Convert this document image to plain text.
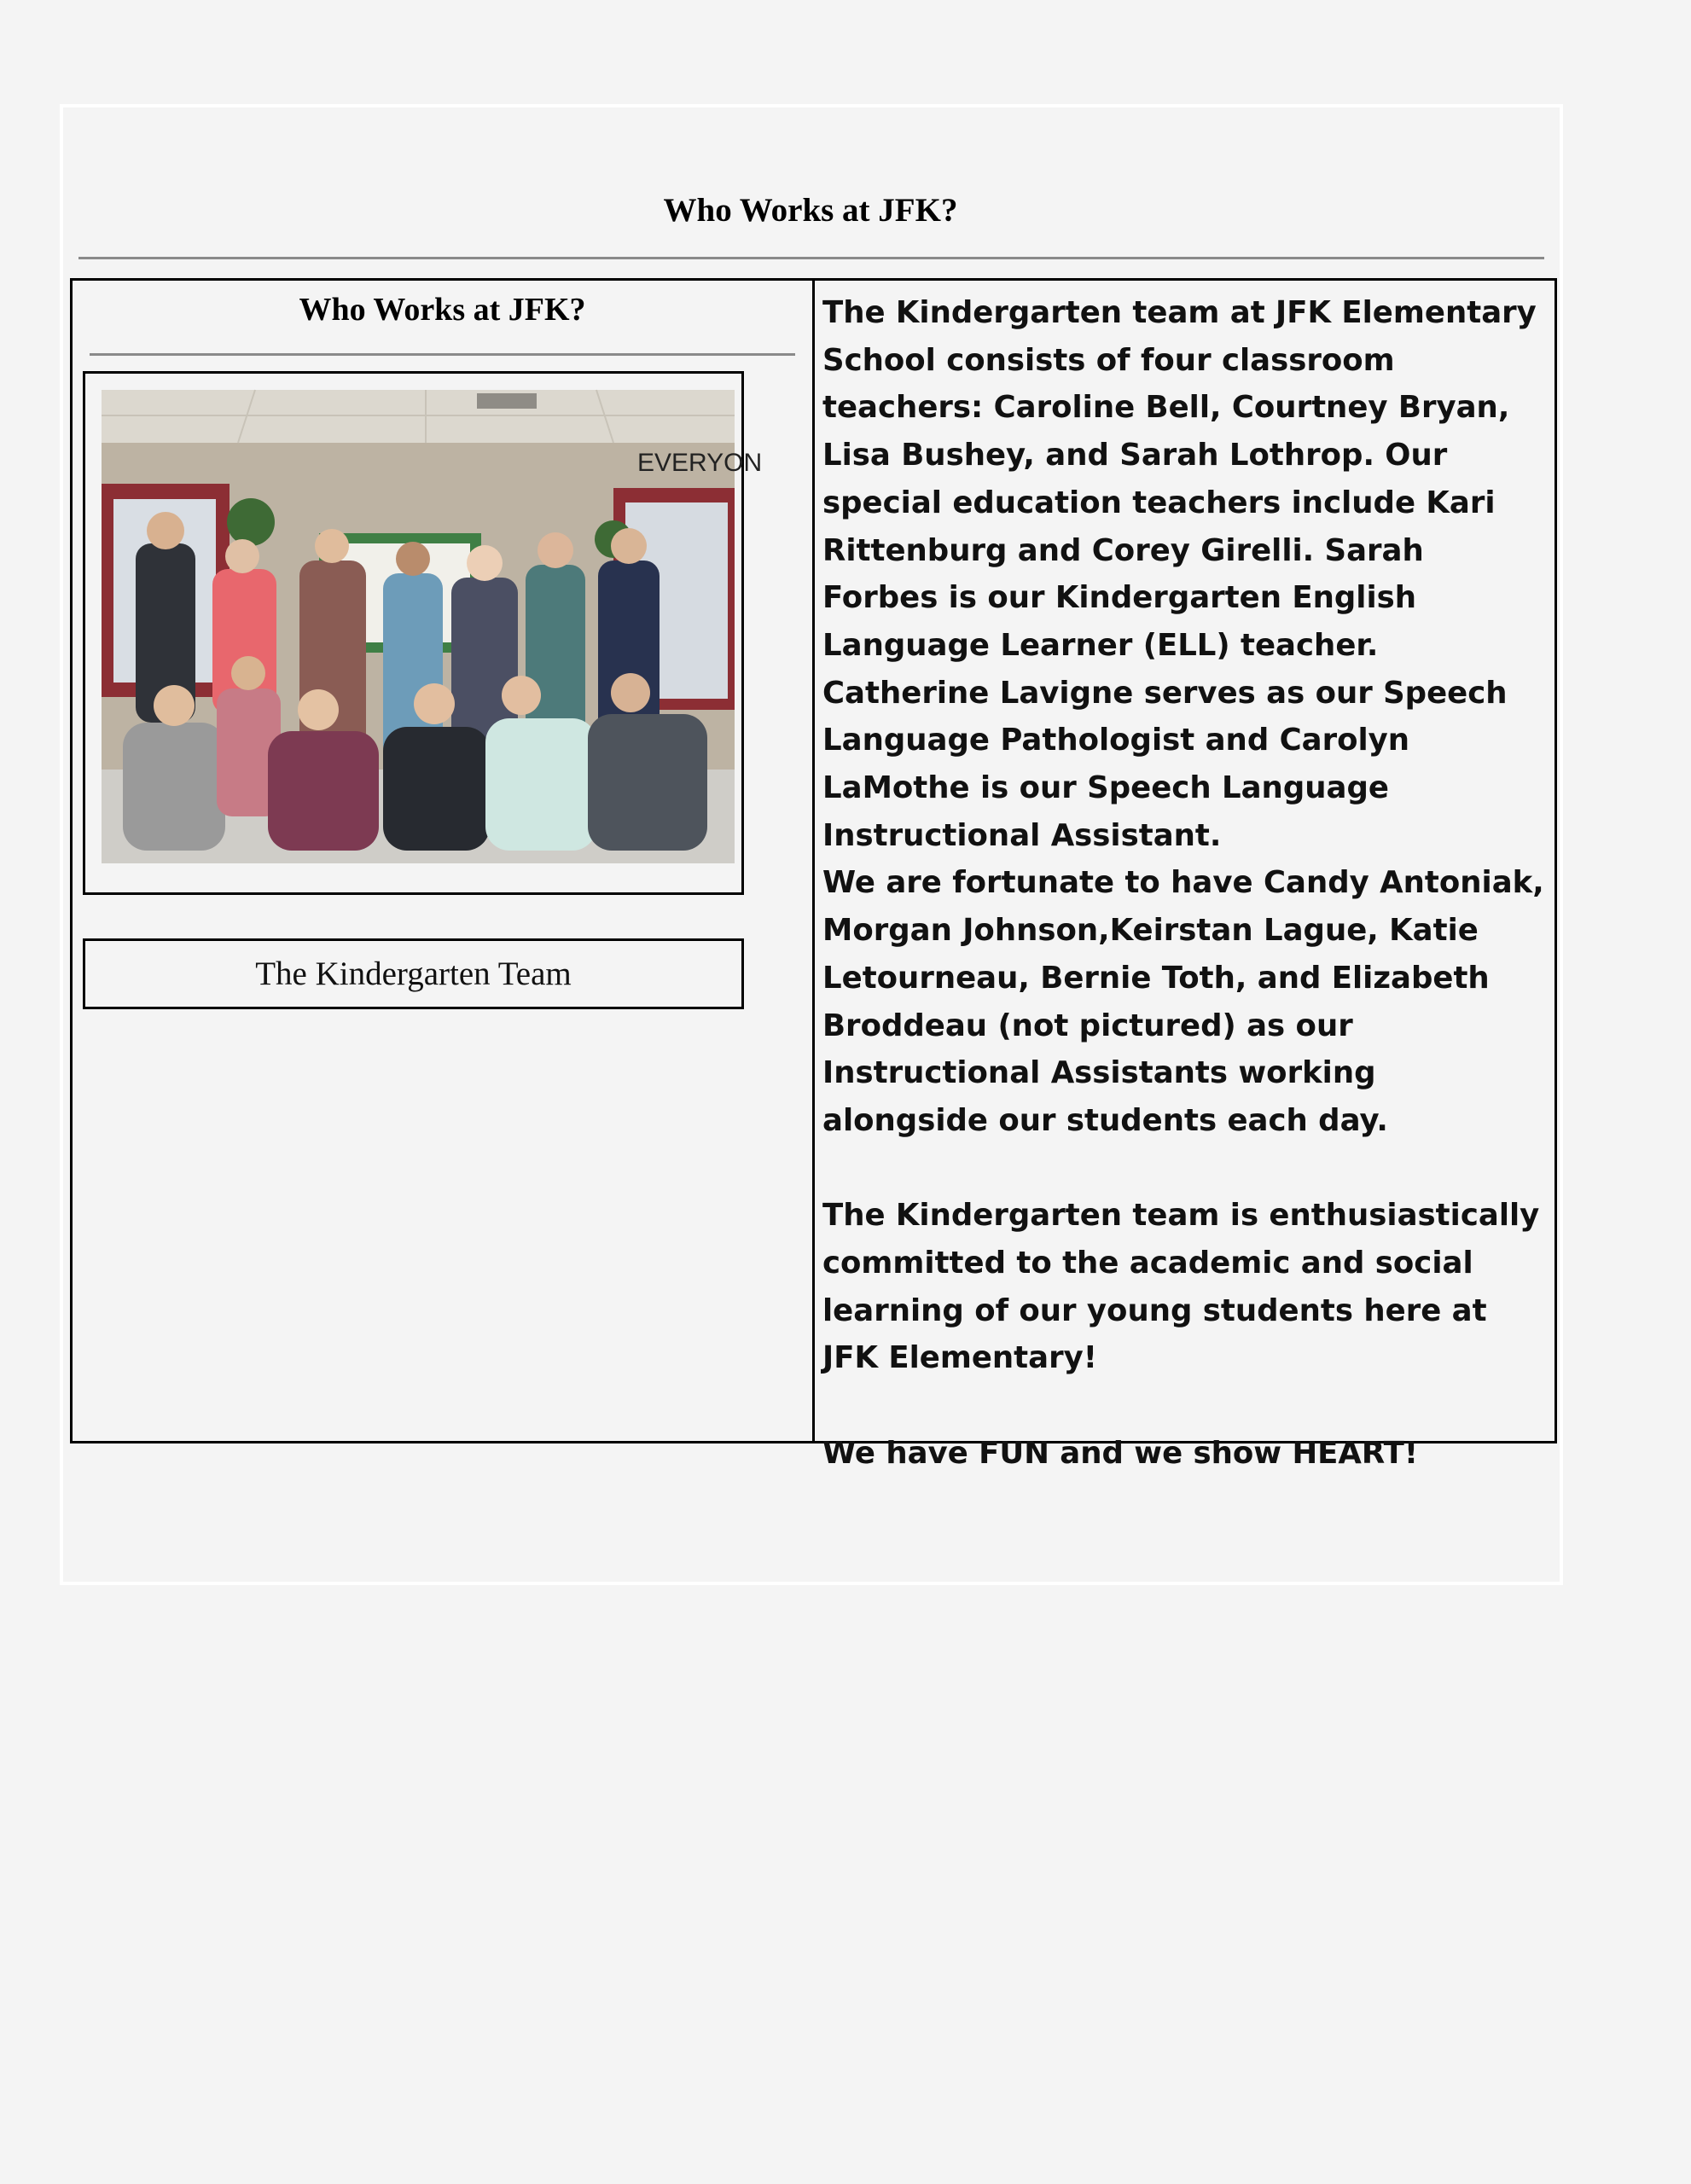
Who Works at JFK?
Who Works at JFK?
EVERYON
The Kindergarten Team

The Kindergarten team at JFK Elementary School consists of four classroom teachers: Caroline Bell, Courtney Bryan, Lisa Bushey, and Sarah Lothrop. Our special education teachers include Kari Rittenburg and Corey Girelli. Sarah Forbes is our Kindergarten English Language Learner (ELL) teacher. Catherine Lavigne serves as our Speech Language Pathologist and Carolyn LaMothe is our Speech Language Instructional Assistant.

We are fortunate to have Candy Antoniak, Morgan Johnson,Keirstan Lague, Katie Letourneau, Bernie Toth, and Elizabeth Broddeau (not pictured) as our Instructional Assistants working alongside our students each day.

The Kindergarten team is enthusiastically committed to the academic and social learning of our young students here at JFK Elementary!

We have FUN and we show HEART!
